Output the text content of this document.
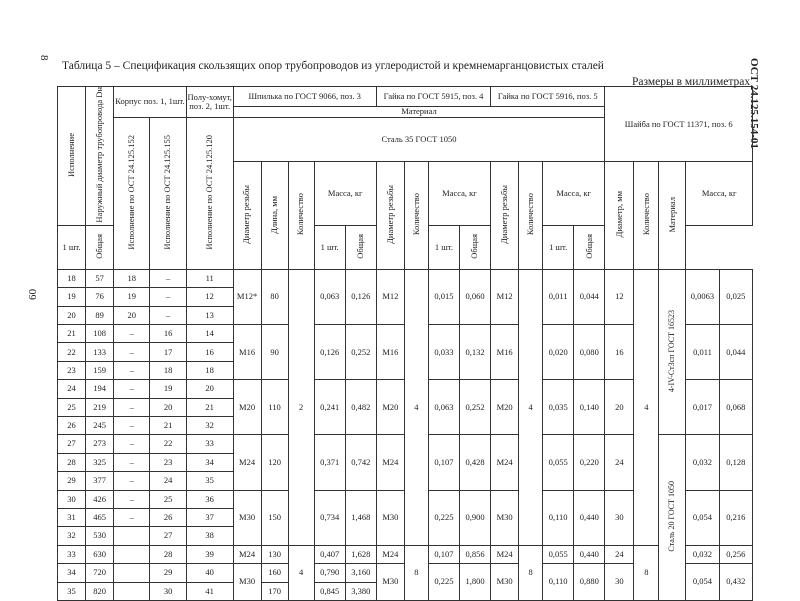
8
Таблица 5 – Спецификация скользящих опор трубопроводов из углеродистой и кремнемарганцовистых сталей
Размеры в миллиметрах
ОСТ 24.125.154-01
60
Исполнение	Наружный диаметр трубопровода Dн	Корпус поз. 1, 1шт.		Полу-хомут, поз. 2, 1шт.	Шпилька по ГОСТ 9066, поз. 3					Гайка по ГОСТ 5915, поз. 4				Гайка по ГОСТ 5916, поз. 5				Шайба по ГОСТ 11371, поз. 6				
					Материал																	
		Исполнение по ОСТ 24.125.152	Исполнение по ОСТ 24.125.155	Исполнение по ОСТ 24.125.120	Сталь 35 ГОСТ 1050																	
					Диаметр резьбы	Длина, мм	Количество	Масса, кг		Диаметр резьбы	Количество	Масса, кг		Диаметр резьбы	Количество	Масса, кг		Диаметр, мм	Количество	Материал	Масса, кг	
1 шт.	Общая							1 шт.	Общая			1 шт.	Общая			1 шт.	Общая					
18	57	18	–	11	M12*	80	2	0,063	0,126	M12	4	0,015	0,060	M12	4	0,011	0,044	12	4	4-IV-Ст3сп ГОСТ 16523	0,0063	0,025
19	76	19	–	12																		
20	89	20	–	13																		
21	108	–	16	14	M16	90		0,126	0,252	M16		0,033	0,132	M16		0,020	0,080	16			0,011	0,044
22	133	–	17	16																		
23	159	–	18	18																		
24	194	–	19	20	M20	110		0,241	0,482	M20		0,063	0,252	M20		0,035	0,140	20			0,017	0,068
25	219	–	20	21																		
26	245	–	21	32																		
27	273	–	22	33	M24	120		0,371	0,742	M24		0,107	0,428	M24		0,055	0,220	24		Сталь 20 ГОСТ 1050	0,032	0,128
28	325	–	23	34																		
29	377	–	24	35																		
30	426	–	25	36	M30	150		0,734	1,468	M30		0,225	0,900	M30		0,110	0,440	30			0,054	0,216
31	465	–	26	37																		
32	530		27	38																		
33	630		28	39	M24	130	4	0,407	1,628	M24	8	0,107	0,856	M24	8	0,055	0,440	24	8		0,032	0,256
34	720		29	40	M30	160		0,790	3,160	M30		0,225	1,800	M30		0,110	0,880	30			0,054	0,432
35	820		30	41		170		0,845	3,380													
